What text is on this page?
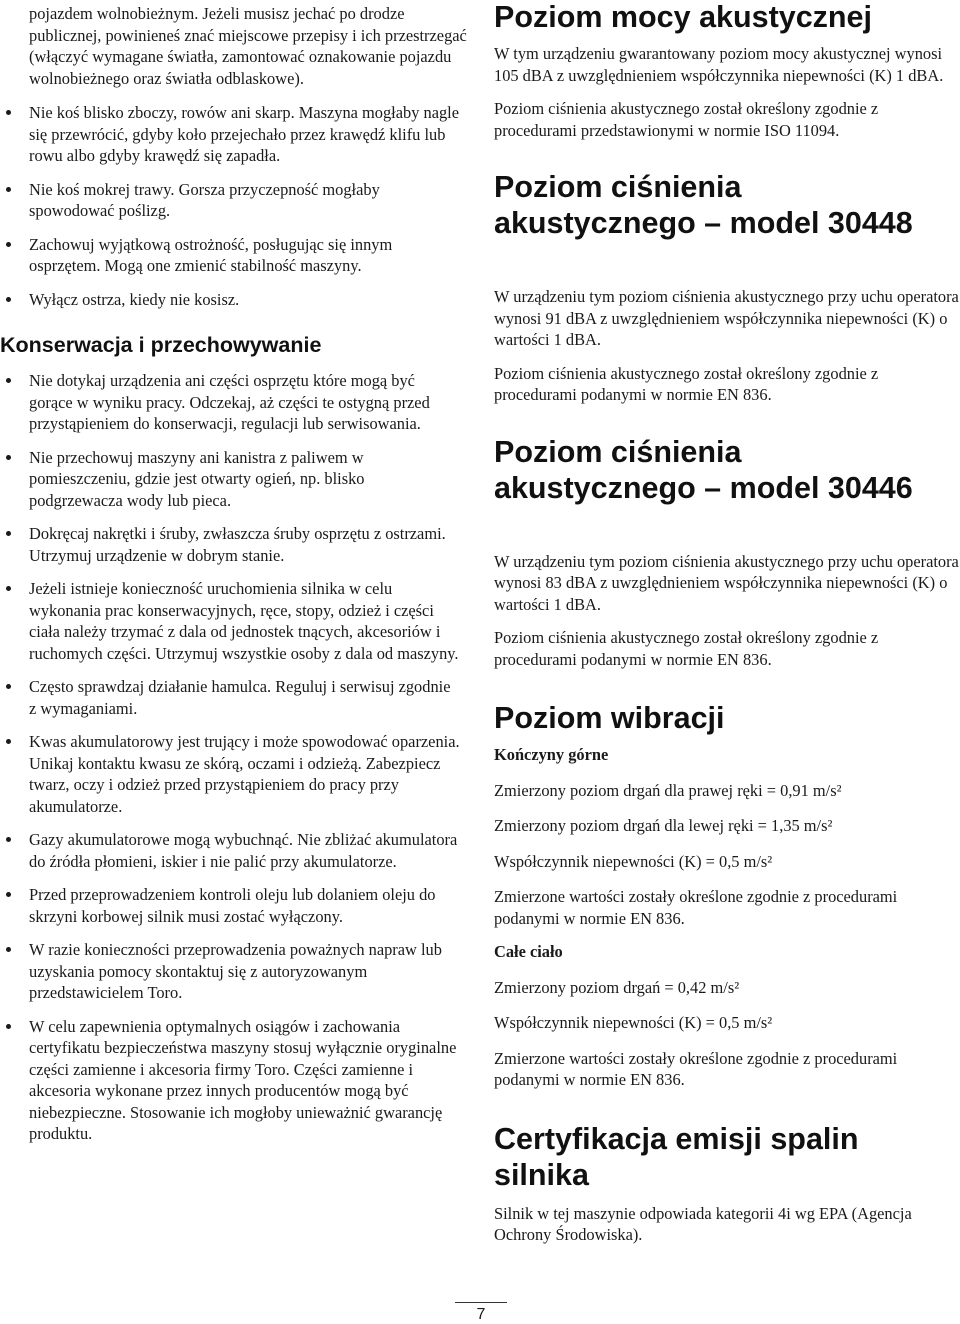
pojazdem wolnobieżnym. Jeżeli musisz jechać po drodze publicznej, powinieneś znać miejscowe przepisy i ich przestrzegać (włączyć wymagane światła, zamontować oznakowanie pojazdu wolnobieżnego oraz światła odblaskowe).

Nie koś blisko zboczy, rowów ani skarp. Maszyna mogłaby nagle się przewrócić, gdyby koło przejechało przez krawędź klifu lub rowu albo gdyby krawędź się zapadła.
Nie koś mokrej trawy. Gorsza przyczepność mogłaby spowodować poślizg.
Zachowuj wyjątkową ostrożność, posługując się innym osprzętem. Mogą one zmienić stabilność maszyny.
Wyłącz ostrza, kiedy nie kosisz.
Konserwacja i przechowywanie
Nie dotykaj urządzenia ani części osprzętu które mogą być gorące w wyniku pracy. Odczekaj, aż części te ostygną przed przystąpieniem do konserwacji, regulacji lub serwisowania.
Nie przechowuj maszyny ani kanistra z paliwem w pomieszczeniu, gdzie jest otwarty ogień, np. blisko podgrzewacza wody lub pieca.
Dokręcaj nakrętki i śruby, zwłaszcza śruby osprzętu z ostrzami. Utrzymuj urządzenie w dobrym stanie.
Jeżeli istnieje konieczność uruchomienia silnika w celu wykonania prac konserwacyjnych, ręce, stopy, odzież i części ciała należy trzymać z dala od jednostek tnących, akcesoriów i ruchomych części. Utrzymuj wszystkie osoby z dala od maszyny.
Często sprawdzaj działanie hamulca. Reguluj i serwisuj zgodnie z wymaganiami.
Kwas akumulatorowy jest trujący i może spowodować oparzenia. Unikaj kontaktu kwasu ze skórą, oczami i odzieżą. Zabezpiecz twarz, oczy i odzież przed przystąpieniem do pracy przy akumulatorze.
Gazy akumulatorowe mogą wybuchnąć. Nie zbliżać akumulatora do źródła płomieni, iskier i nie palić przy akumulatorze.
Przed przeprowadzeniem kontroli oleju lub dolaniem oleju do skrzyni korbowej silnik musi zostać wyłączony.
W razie konieczności przeprowadzenia poważnych napraw lub uzyskania pomocy skontaktuj się z autoryzowanym przedstawicielem Toro.
W celu zapewnienia optymalnych osiągów i zachowania certyfikatu bezpieczeństwa maszyny stosuj wyłącznie oryginalne części zamienne i akcesoria firmy Toro. Części zamienne i akcesoria wykonane przez innych producentów mogą być niebezpieczne. Stosowanie ich mogłoby unieważnić gwarancję produktu.
Poziom mocy akustycznej

W tym urządzeniu gwarantowany poziom mocy akustycznej wynosi 105 dBA z uwzględnieniem współczynnika niepewności (K) 1 dBA.

Poziom ciśnienia akustycznego został określony zgodnie z procedurami przedstawionymi w normie ISO 11094.

Poziom ciśnienia akustycznego – model 30448

W urządzeniu tym poziom ciśnienia akustycznego przy uchu operatora wynosi 91 dBA z uwzględnieniem współczynnika niepewności (K) o wartości 1 dBA.

Poziom ciśnienia akustycznego został określony zgodnie z procedurami podanymi w normie EN 836.

Poziom ciśnienia akustycznego – model 30446

W urządzeniu tym poziom ciśnienia akustycznego przy uchu operatora wynosi 83 dBA z uwzględnieniem współczynnika niepewności (K) o wartości 1 dBA.

Poziom ciśnienia akustycznego został określony zgodnie z procedurami podanymi w normie EN 836.

Poziom wibracji

Kończyny górne

Zmierzony poziom drgań dla prawej ręki = 0,91 m/s²

Zmierzony poziom drgań dla lewej ręki = 1,35 m/s²

Współczynnik niepewności (K) = 0,5 m/s²

Zmierzone wartości zostały określone zgodnie z procedurami podanymi w normie EN 836.

Całe ciało

Zmierzony poziom drgań = 0,42 m/s²

Współczynnik niepewności (K) = 0,5 m/s²

Zmierzone wartości zostały określone zgodnie z procedurami podanymi w normie EN 836.

Certyfikacja emisji spalin silnika

Silnik w tej maszynie odpowiada kategorii 4i wg EPA (Agencja Ochrony Środowiska).

7
